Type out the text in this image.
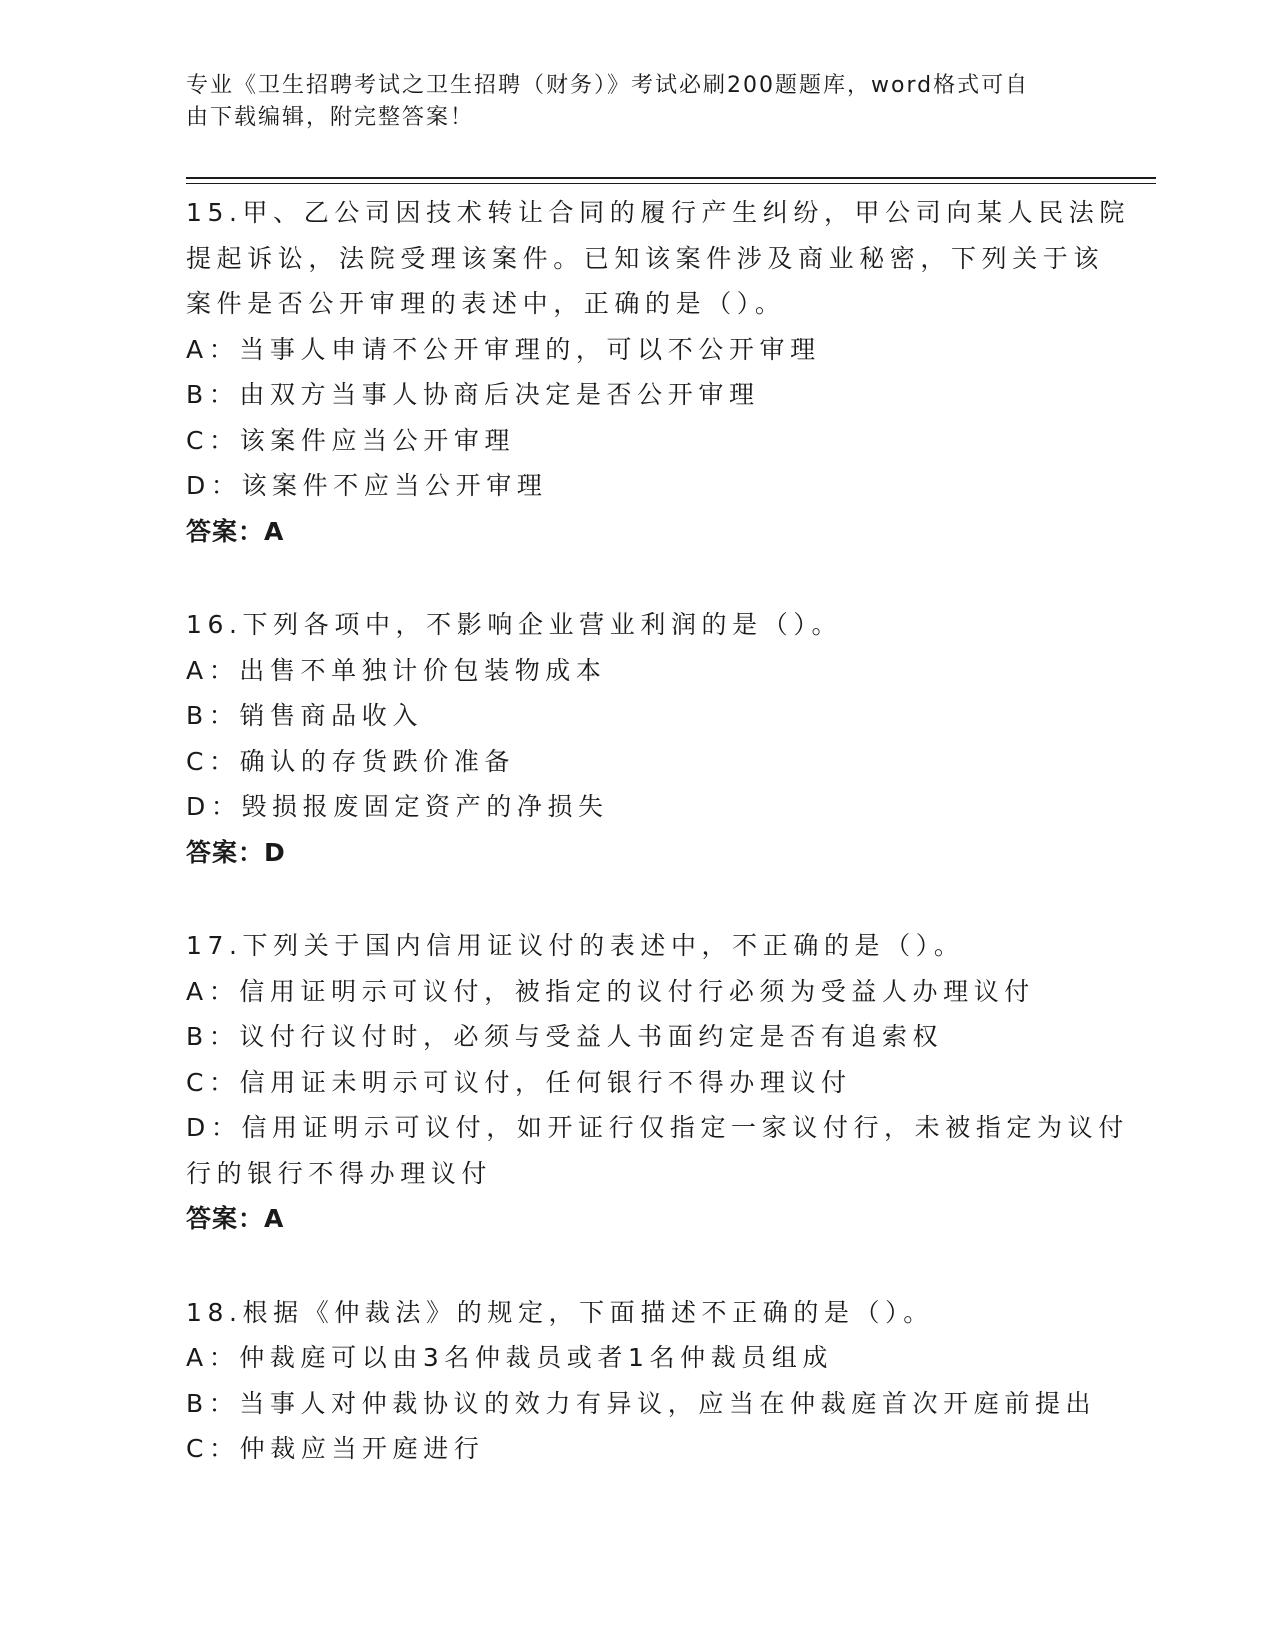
专业《卫生招聘考试之卫生招聘（财务）》考试必刷200题题库，word格式可自
由下载编辑，附完整答案！
15.甲、乙公司因技术转让合同的履行产生纠纷，甲公司向某人民法院
提起诉讼，法院受理该案件。已知该案件涉及商业秘密，下列关于该
案件是否公开审理的表述中，正确的是（）。
A：当事人申请不公开审理的，可以不公开审理
B：由双方当事人协商后决定是否公开审理
C：该案件应当公开审理
D：该案件不应当公开审理
答案：A
16.下列各项中，不影响企业营业利润的是（）。
A：出售不单独计价包装物成本
B：销售商品收入
C：确认的存货跌价准备
D：毁损报废固定资产的净损失
答案：D
17.下列关于国内信用证议付的表述中，不正确的是（）。
A：信用证明示可议付，被指定的议付行必须为受益人办理议付
B：议付行议付时，必须与受益人书面约定是否有追索权
C：信用证未明示可议付，任何银行不得办理议付
D：信用证明示可议付，如开证行仅指定一家议付行，未被指定为议付
行的银行不得办理议付
答案：A
18.根据《仲裁法》的规定，下面描述不正确的是（）。
A：仲裁庭可以由3名仲裁员或者1名仲裁员组成
B：当事人对仲裁协议的效力有异议，应当在仲裁庭首次开庭前提出
C：仲裁应当开庭进行
